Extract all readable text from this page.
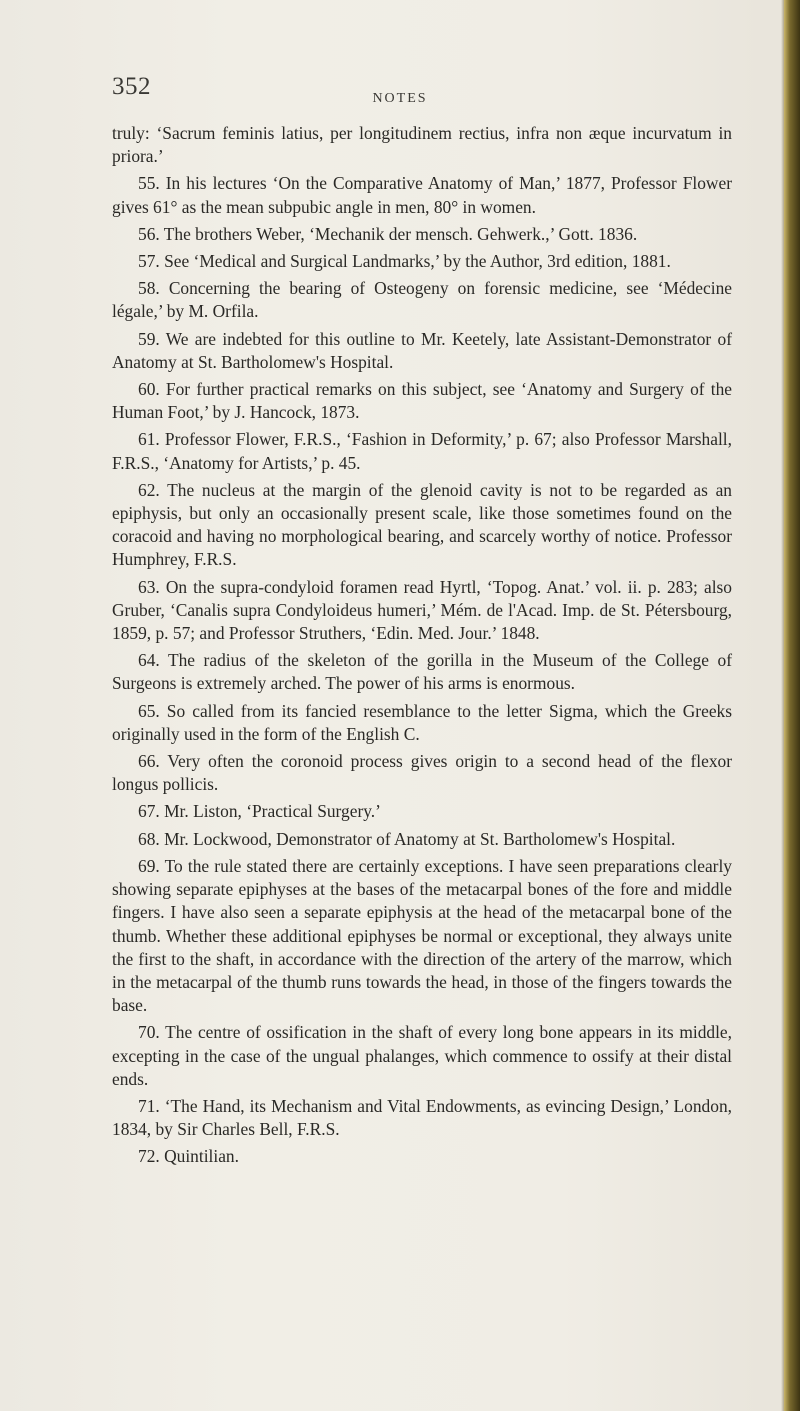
352	NOTES

truly: ‘Sacrum feminis latius, per longitudinem rectius, infra non æque incurvatum in priora.’

55. In his lectures ‘On the Comparative Anatomy of Man,’ 1877, Professor Flower gives 61° as the mean subpubic angle in men, 80° in women.

56. The brothers Weber, ‘Mechanik der mensch. Gehwerk.,’ Gott. 1836.

57. See ‘Medical and Surgical Landmarks,’ by the Author, 3rd edition, 1881.

58. Concerning the bearing of Osteogeny on forensic medicine, see ‘Médecine légale,’ by M. Orfila.

59. We are indebted for this outline to Mr. Keetely, late Assistant-Demonstrator of Anatomy at St. Bartholomew's Hospital.

60. For further practical remarks on this subject, see ‘Anatomy and Surgery of the Human Foot,’ by J. Hancock, 1873.

61. Professor Flower, F.R.S., ‘Fashion in Deformity,’ p. 67; also Professor Marshall, F.R.S., ‘Anatomy for Artists,’ p. 45.

62. The nucleus at the margin of the glenoid cavity is not to be regarded as an epiphysis, but only an occasionally present scale, like those sometimes found on the coracoid and having no morphological bearing, and scarcely worthy of notice. Professor Humphrey, F.R.S.

63. On the supra-condyloid foramen read Hyrtl, ‘Topog. Anat.’ vol. ii. p. 283; also Gruber, ‘Canalis supra Condyloideus humeri,’ Mém. de l'Acad. Imp. de St. Pétersbourg, 1859, p. 57; and Professor Struthers, ‘Edin. Med. Jour.’ 1848.

64. The radius of the skeleton of the gorilla in the Museum of the College of Surgeons is extremely arched. The power of his arms is enormous.

65. So called from its fancied resemblance to the letter Sigma, which the Greeks originally used in the form of the English C.

66. Very often the coronoid process gives origin to a second head of the flexor longus pollicis.

67. Mr. Liston, ‘Practical Surgery.’

68. Mr. Lockwood, Demonstrator of Anatomy at St. Bartholomew's Hospital.

69. To the rule stated there are certainly exceptions. I have seen preparations clearly showing separate epiphyses at the bases of the metacarpal bones of the fore and middle fingers. I have also seen a separate epiphysis at the head of the metacarpal bone of the thumb. Whether these additional epiphyses be normal or exceptional, they always unite the first to the shaft, in accordance with the direction of the artery of the marrow, which in the metacarpal of the thumb runs towards the head, in those of the fingers towards the base.

70. The centre of ossification in the shaft of every long bone appears in its middle, excepting in the case of the ungual phalanges, which commence to ossify at their distal ends.

71. ‘The Hand, its Mechanism and Vital Endowments, as evincing Design,’ London, 1834, by Sir Charles Bell, F.R.S.

72. Quintilian.
